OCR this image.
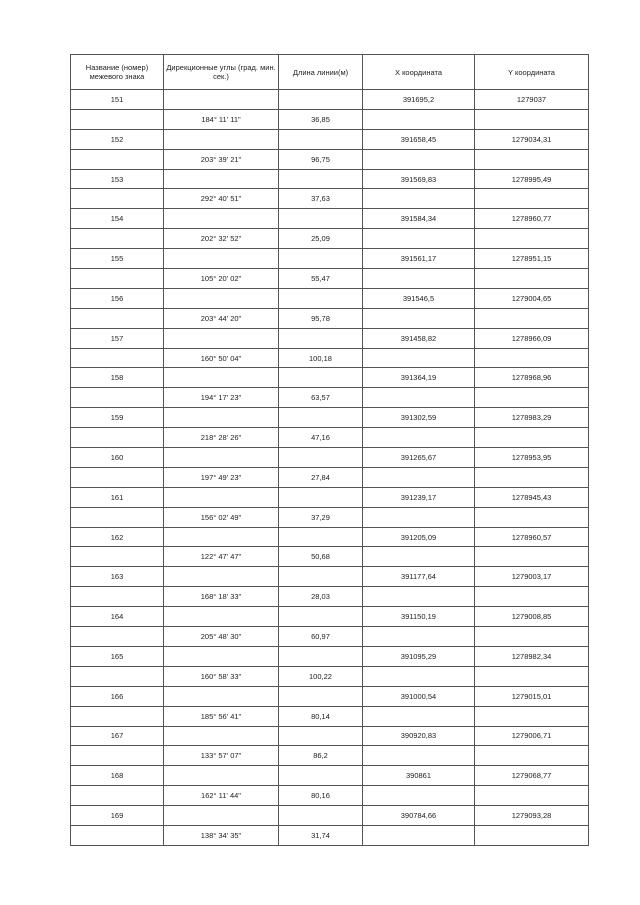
Название (номер) межевого знака	Дирекционные углы (град. мин. сек.)	Длина линии(м)	X координата	Y координата
151			391695,2	1279037
	184° 11' 11"	36,85		
152			391658,45	1279034,31
	203° 39' 21"	96,75		
153			391569,83	1278995,49
	292° 40' 51"	37,63		
154			391584,34	1278960,77
	202° 32' 52"	25,09		
155			391561,17	1278951,15
	105° 20' 02"	55,47		
156			391546,5	1279004,65
	203° 44' 20"	95,78		
157			391458,82	1278966,09
	160° 50' 04"	100,18		
158			391364,19	1278968,96
	194° 17' 23"	63,57		
159			391302,59	1278983,29
	218° 28' 26"	47,16		
160			391265,67	1278953,95
	197° 49' 23"	27,84		
161			391239,17	1278945,43
	156° 02' 49"	37,29		
162			391205,09	1278960,57
	122° 47' 47"	50,68		
163			391177,64	1279003,17
	168° 18' 33"	28,03		
164			391150,19	1279008,85
	205° 48' 30"	60,97		
165			391095,29	1278982,34
	160° 58' 33"	100,22		
166			391000,54	1279015,01
	185° 56' 41"	80,14		
167			390920,83	1279006,71
	133° 57' 07"	86,2		
168			390861	1279068,77
	162° 11' 44"	80,16		
169			390784,66	1279093,28
	138° 34' 35"	31,74		
